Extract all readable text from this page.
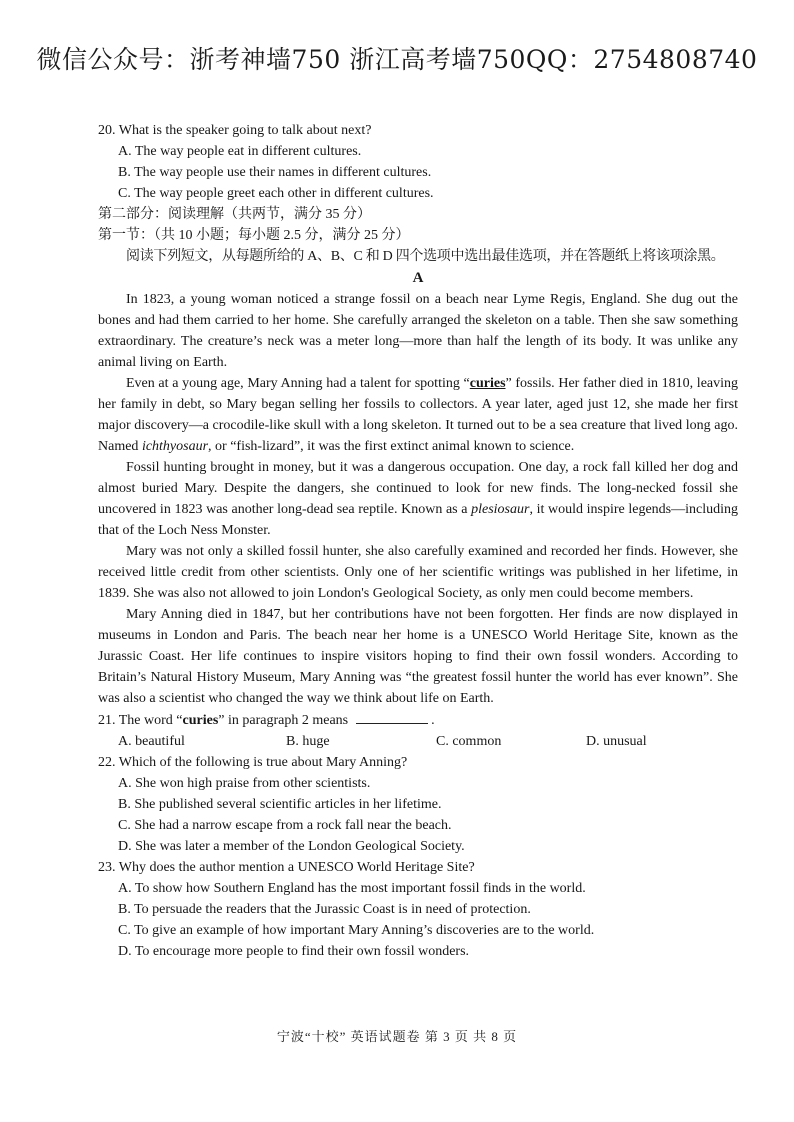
微信公众号：浙考神墙750 浙江高考墙750QQ：2754808740

20. What is the speaker going to talk about next?

A. The way people eat in different cultures.

B. The way people use their names in different cultures.

C. The way people greet each other in different cultures.

第二部分：阅读理解（共两节，满分 35 分）

第一节：（共 10 小题；每小题 2.5 分，满分 25 分）

阅读下列短文，从每题所给的 A、B、C 和 D 四个选项中选出最佳选项，并在答题纸上将该项涂黑。

A

In 1823, a young woman noticed a strange fossil on a beach near Lyme Regis, England. She dug out the bones and had them carried to her home. She carefully arranged the skeleton on a table. Then she saw something extraordinary. The creature’s neck was a meter long—more than half the length of its body. It was unlike any animal living on Earth.

Even at a young age, Mary Anning had a talent for spotting “curies” fossils. Her father died in 1810, leaving her family in debt, so Mary began selling her fossils to collectors. A year later, aged just 12, she made her first major discovery—a crocodile-like skull with a long skeleton. It turned out to be a sea creature that lived long ago. Named ichthyosaur, or “fish-lizard”, it was the first extinct animal known to science.

Fossil hunting brought in money, but it was a dangerous occupation. One day, a rock fall killed her dog and almost buried Mary. Despite the dangers, she continued to look for new finds. The long-necked fossil she uncovered in 1823 was another long-dead sea reptile. Known as a plesiosaur, it would inspire legends—including that of the Loch Ness Monster.

Mary was not only a skilled fossil hunter, she also carefully examined and recorded her finds. However, she received little credit from other scientists. Only one of her scientific writings was published in her lifetime, in 1839. She was also not allowed to join London's Geological Society, as only men could become members.

Mary Anning died in 1847, but her contributions have not been forgotten. Her finds are now displayed in museums in London and Paris. The beach near her home is a UNESCO World Heritage Site, known as the Jurassic Coast. Her life continues to inspire visitors hoping to find their own fossil wonders. According to Britain’s Natural History Museum, Mary Anning was “the greatest fossil hunter the world has ever known”. She was also a scientist who changed the way we think about life on Earth.

21. The word “curies” in paragraph 2 means	.

A. beautiful	B. huge	C. common	D. unusual

22. Which of the following is true about Mary Anning?

A. She won high praise from other scientists.

B. She published several scientific articles in her lifetime.

C. She had a narrow escape from a rock fall near the beach.

D. She was later a member of the London Geological Society.

23. Why does the author mention a UNESCO World Heritage Site?

A. To show how Southern England has the most important fossil finds in the world.

B. To persuade the readers that the Jurassic Coast is in need of protection.

C. To give an example of how important Mary Anning’s discoveries are to the world.

D. To encourage more people to find their own fossil wonders.

宁波“十校” 英语试题卷 第 3 页 共 8 页
